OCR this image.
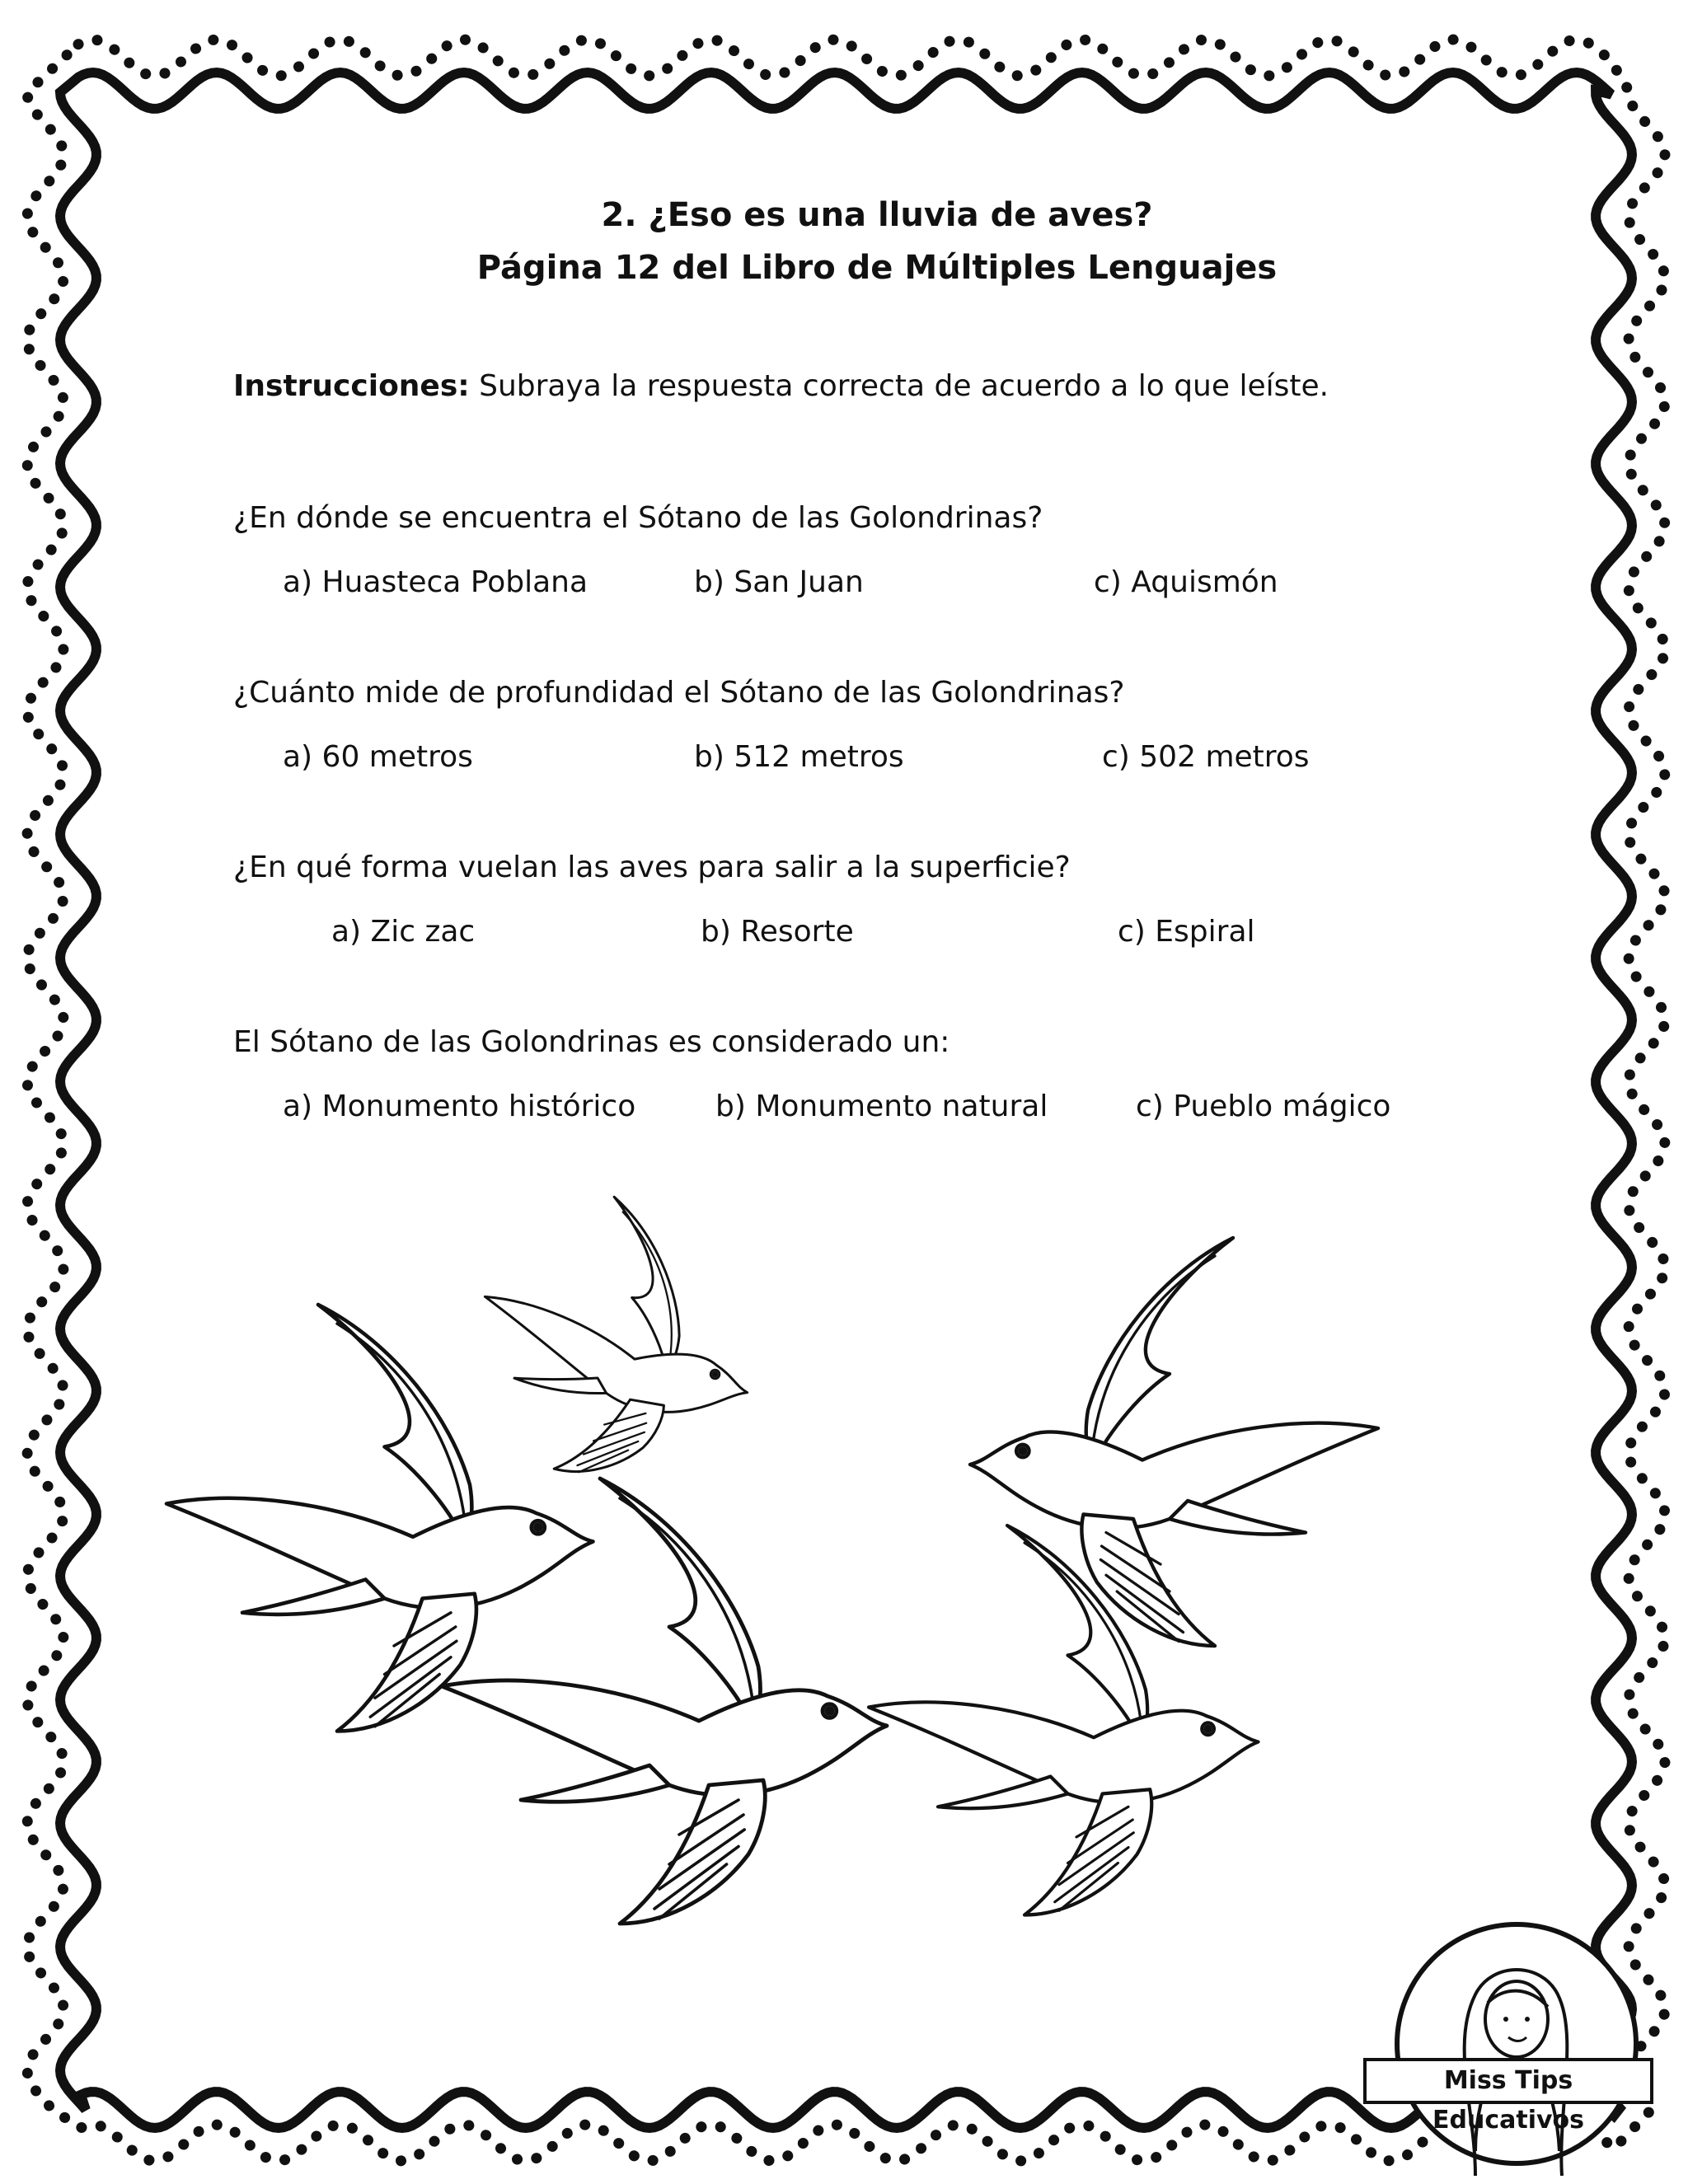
2. ¿Eso es una lluvia de aves?
Página 12 del Libro de Múltiples Lenguajes
Instrucciones: Subraya la respuesta correcta de acuerdo a lo que leíste.
¿En dónde se encuentra el Sótano de las Golondrinas?
a) Huasteca Poblana	b) San Juan	c) Aquismón
¿Cuánto mide de profundidad el Sótano de las Golondrinas?
a) 60 metros	b) 512 metros	c) 502 metros
¿En qué forma vuelan las aves para salir a la superficie?
a) Zic zac	b) Resorte	c) Espiral
El Sótano de las Golondrinas es considerado un:
a) Monumento histórico	b) Monumento natural	c) Pueblo mágico
Miss Tips Educativos
